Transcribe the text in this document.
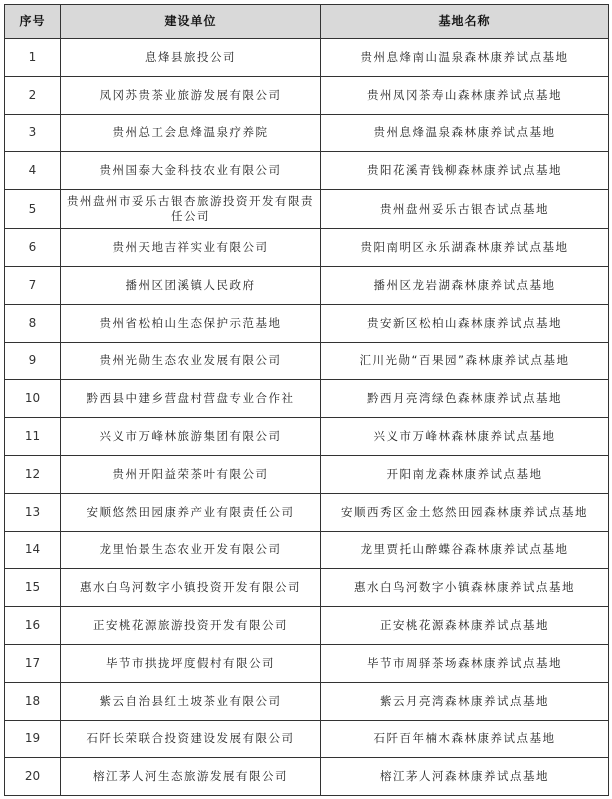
序号	建设单位	基地名称
1	息烽县旅投公司	贵州息烽南山温泉森林康养试点基地
2	凤冈苏贵茶业旅游发展有限公司	贵州凤冈茶寿山森林康养试点基地
3	贵州总工会息烽温泉疗养院	贵州息烽温泉森林康养试点基地
4	贵州国泰大金科技农业有限公司	贵阳花溪青钱柳森林康养试点基地
5	贵州盘州市妥乐古银杏旅游投资开发有限责任公司	贵州盘州妥乐古银杏试点基地
6	贵州天地吉祥实业有限公司	贵阳南明区永乐湖森林康养试点基地
7	播州区团溪镇人民政府	播州区龙岩湖森林康养试点基地
8	贵州省松柏山生态保护示范基地	贵安新区松柏山森林康养试点基地
9	贵州光勋生态农业发展有限公司	汇川光勋“百果园”森林康养试点基地
10	黔西县中建乡营盘村营盘专业合作社	黔西月亮湾绿色森林康养试点基地
11	兴义市万峰林旅游集团有限公司	兴义市万峰林森林康养试点基地
12	贵州开阳益荣茶叶有限公司	开阳南龙森林康养试点基地
13	安顺悠然田园康养产业有限责任公司	安顺西秀区金土悠然田园森林康养试点基地
14	龙里怡景生态农业开发有限公司	龙里贾托山醉蝶谷森林康养试点基地
15	惠水白鸟河数字小镇投资开发有限公司	惠水白鸟河数字小镇森林康养试点基地
16	正安桃花源旅游投资开发有限公司	正安桃花源森林康养试点基地
17	毕节市拱拢坪度假村有限公司	毕节市周驿茶场森林康养试点基地
18	紫云自治县红土坡茶业有限公司	紫云月亮湾森林康养试点基地
19	石阡长荣联合投资建设发展有限公司	石阡百年楠木森林康养试点基地
20	榕江茅人河生态旅游发展有限公司	榕江茅人河森林康养试点基地
